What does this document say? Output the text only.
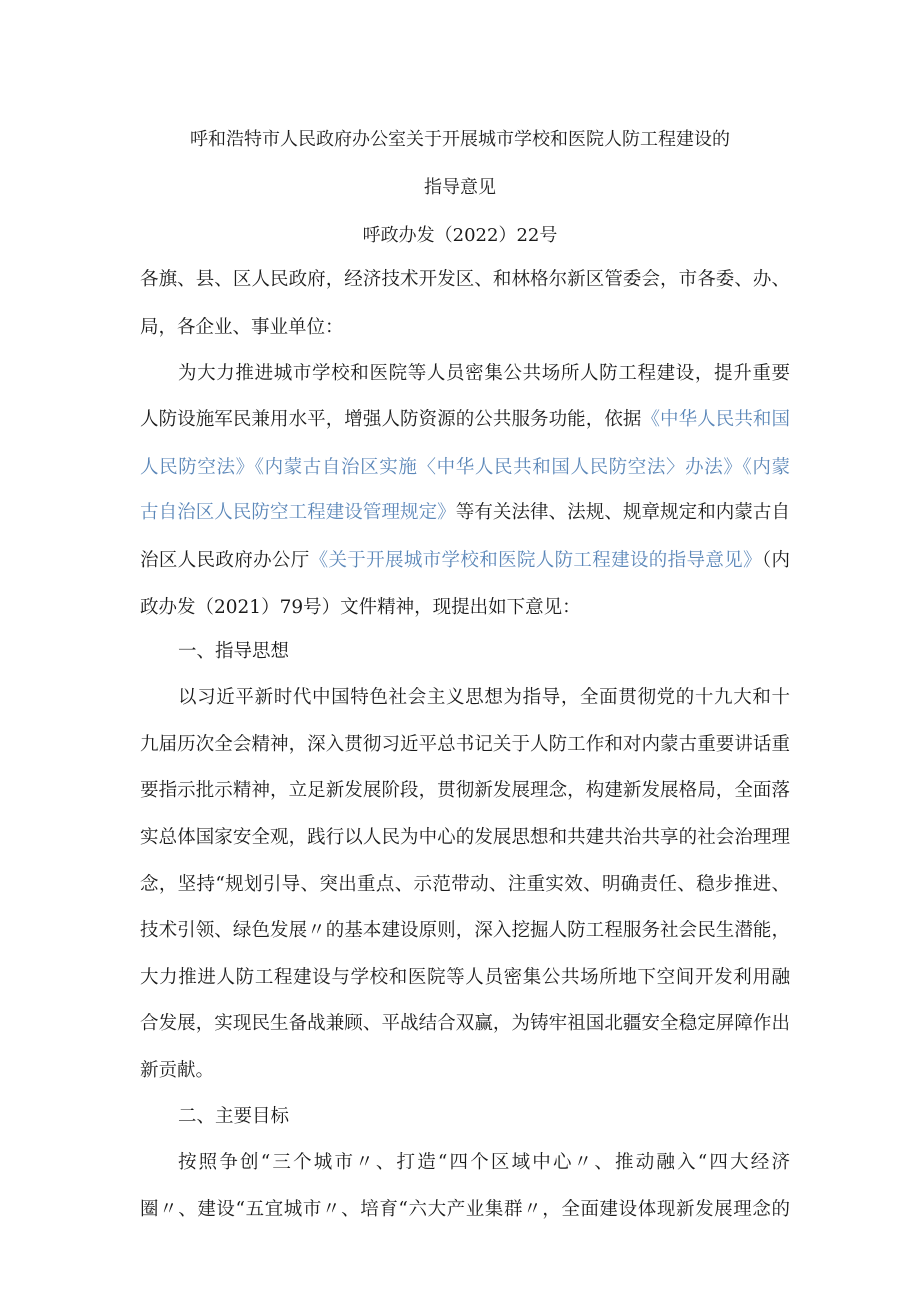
呼和浩特市人民政府办公室关于开展城市学校和医院人防工程建设的
指导意见
呼政办发（2022）22号
各旗、县、区人民政府，经济技术开发区、和林格尔新区管委会，市各委、办、
局，各企业、事业单位：
为大力推进城市学校和医院等人员密集公共场所人防工程建设，提升重要
人防设施军民兼用水平，增强人防资源的公共服务功能，依据《中华人民共和国
人民防空法》《内蒙古自治区实施〈中华人民共和国人民防空法〉办法》《内蒙
古自治区人民防空工程建设管理规定》等有关法律、法规、规章规定和内蒙古自
治区人民政府办公厅《关于开展城市学校和医院人防工程建设的指导意见》（内
政办发（2021）79号）文件精神，现提出如下意见：
一、指导思想
以习近平新时代中国特色社会主义思想为指导，全面贯彻党的十九大和十
九届历次全会精神，深入贯彻习近平总书记关于人防工作和对内蒙古重要讲话重
要指示批示精神，立足新发展阶段，贯彻新发展理念，构建新发展格局，全面落
实总体国家安全观，践行以人民为中心的发展思想和共建共治共享的社会治理理
念，坚持“规划引导、突出重点、示范带动、注重实效、明确责任、稳步推进、
技术引领、绿色发展〃的基本建设原则，深入挖掘人防工程服务社会民生潜能，
大力推进人防工程建设与学校和医院等人员密集公共场所地下空间开发利用融
合发展，实现民生备战兼顾、平战结合双赢，为铸牢祖国北疆安全稳定屏障作出
新贡献。
二、主要目标
按照争创“三个城市〃、打造“四个区域中心〃、推动融入“四大经济
圈〃、建设“五宜城市〃、培育“六大产业集群〃，全面建设体现新发展理念的
